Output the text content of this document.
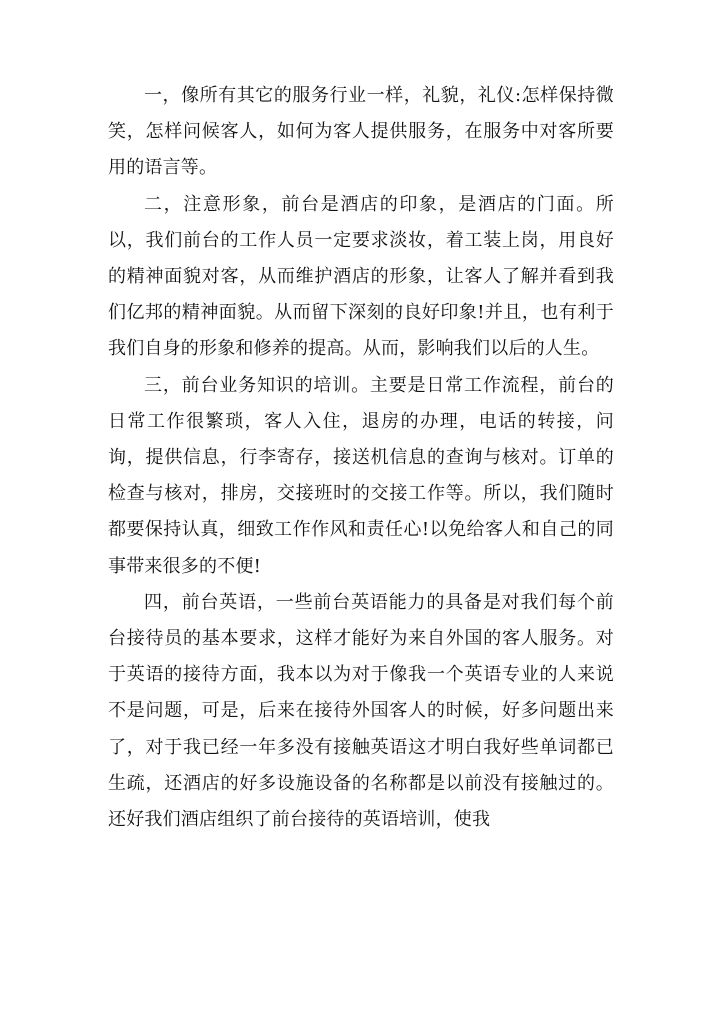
一，像所有其它的服务行业一样，礼貌，礼仪:怎样保持微笑，怎样问候客人，如何为客人提供服务，在服务中对客所要用的语言等。

二，注意形象，前台是酒店的印象，是酒店的门面。所以，我们前台的工作人员一定要求淡妆，着工装上岗，用良好的精神面貌对客，从而维护酒店的形象，让客人了解并看到我们亿邦的精神面貌。从而留下深刻的良好印象!并且，也有利于我们自身的形象和修养的提高。从而，影响我们以后的人生。

三，前台业务知识的培训。主要是日常工作流程，前台的日常工作很繁琐，客人入住，退房的办理，电话的转接，问询，提供信息，行李寄存，接送机信息的查询与核对。订单的检查与核对，排房，交接班时的交接工作等。所以，我们随时都要保持认真，细致工作作风和责任心!以免给客人和自己的同事带来很多的不便!

四，前台英语，一些前台英语能力的具备是对我们每个前台接待员的基本要求，这样才能好为来自外国的客人服务。对于英语的接待方面，我本以为对于像我一个英语专业的人来说不是问题，可是，后来在接待外国客人的时候，好多问题出来了，对于我已经一年多没有接触英语这才明白我好些单词都已生疏，还酒店的好多设施设备的名称都是以前没有接触过的。还好我们酒店组织了前台接待的英语培训，使我
